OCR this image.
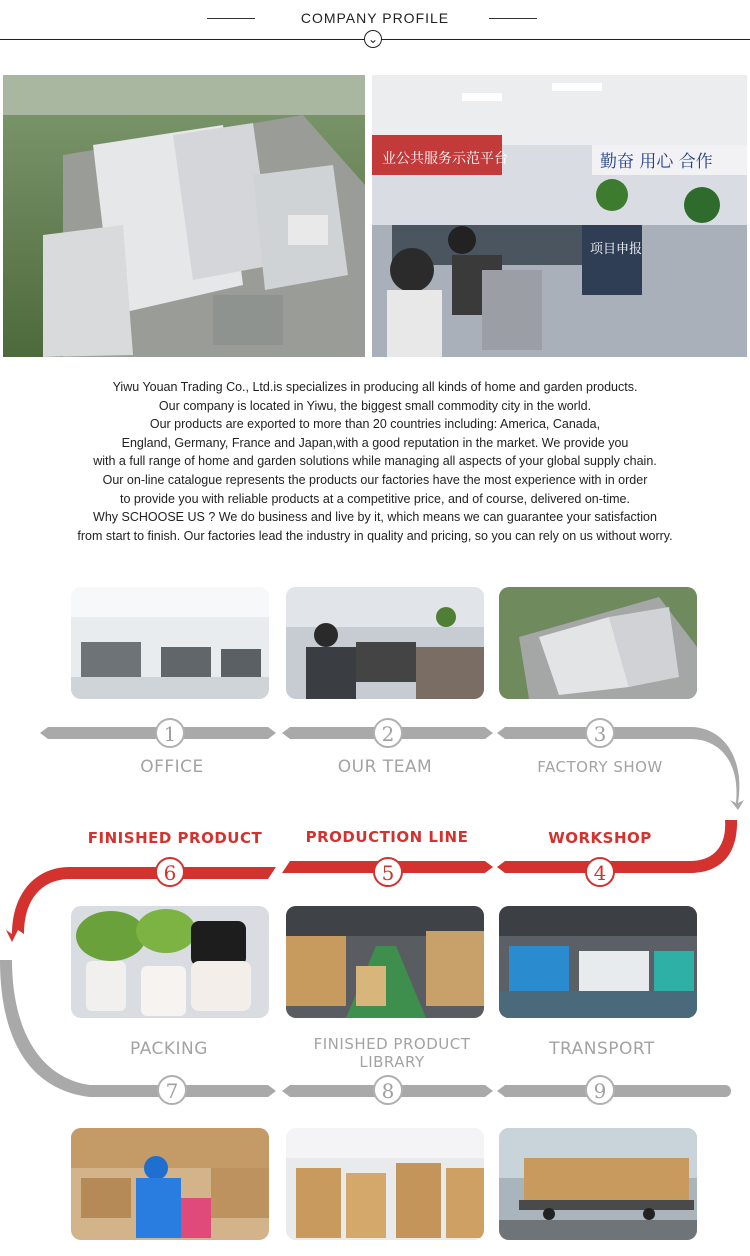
COMPANY PROFILE
⌄
勤奋 用心 合作
业公共服务示范平台
项目申报

Yiwu Youan Trading Co., Ltd.is specializes in producing all kinds of home and garden products.

Our company is located in Yiwu, the biggest small commodity city in the world.

Our products are exported to more than 20 countries including: America, Canada,

England, Germany, France and Japan,with a good reputation in the market. We provide you

with a full range of home and garden solutions while managing all aspects of your global supply chain.

Our on-line catalogue represents the products our factories have the most experience with in order

to provide you with reliable products at a competitive price, and of course, delivered on-time.

Why SCHOOSE US ? We do business and live by it, which means we can guarantee your satisfaction

from start to finish. Our factories lead the industry in quality and pricing, so you can rely on us without worry.

1	2	3
OFFICE	OUR TEAM	FACTORY SHOW
FINISHED PRODUCT	PRODUCTION LINE	WORKSHOP
6	5	4
PACKING	FINISHED PRODUCT
LIBRARY
TRANSPORT
7	8	9
